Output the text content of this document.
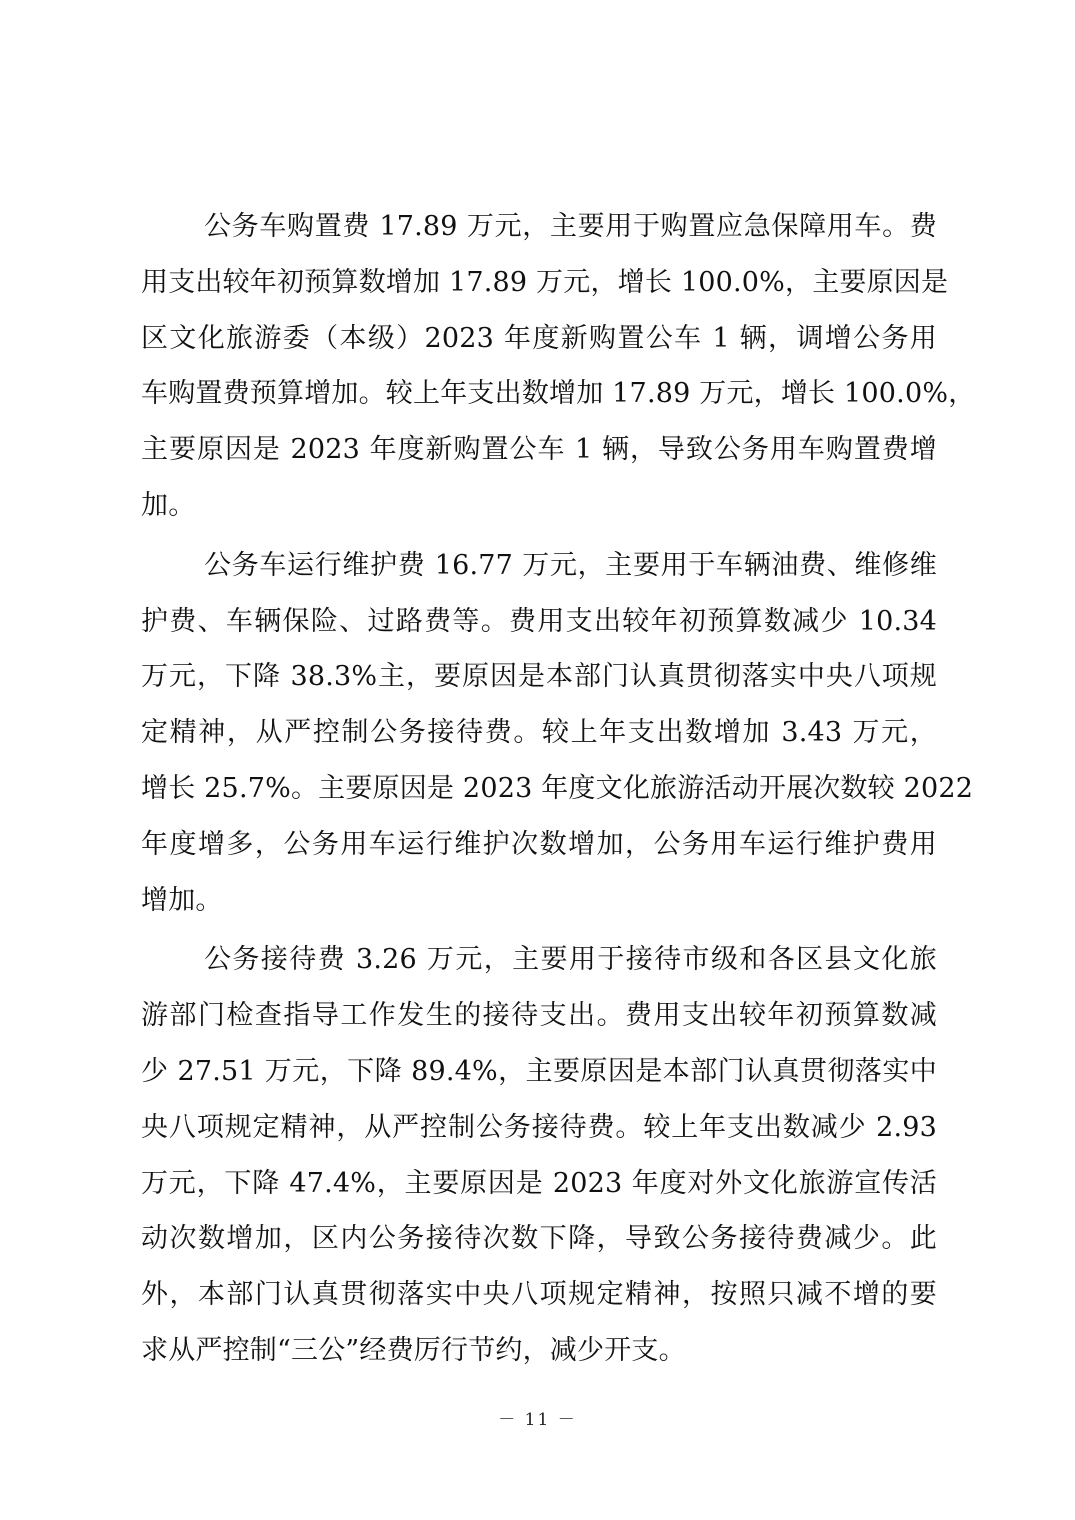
公务车购置费 17.89 万元，主要用于购置应急保障用车。费
用支出较年初预算数增加 17.89 万元，增长 100.0%，主要原因是
区文化旅游委（本级）2023 年度新购置公车 1 辆，调增公务用
车购置费预算增加。较上年支出数增加 17.89 万元，增长 100.0%，
主要原因是 2023 年度新购置公车 1 辆，导致公务用车购置费增
加。
公务车运行维护费 16.77 万元，主要用于车辆油费、维修维
护费、车辆保险、过路费等。费用支出较年初预算数减少 10.34
万元，下降 38.3%主，要原因是本部门认真贯彻落实中央八项规
定精神，从严控制公务接待费。较上年支出数增加 3.43 万元，
增长 25.7%。主要原因是 2023 年度文化旅游活动开展次数较 2022
年度增多，公务用车运行维护次数增加，公务用车运行维护费用
增加。
公务接待费 3.26 万元，主要用于接待市级和各区县文化旅
游部门检查指导工作发生的接待支出。费用支出较年初预算数减
少 27.51 万元，下降 89.4%，主要原因是本部门认真贯彻落实中
央八项规定精神，从严控制公务接待费。较上年支出数减少 2.93
万元，下降 47.4%，主要原因是 2023 年度对外文化旅游宣传活
动次数增加，区内公务接待次数下降，导致公务接待费减少。此
外，本部门认真贯彻落实中央八项规定精神，按照只减不增的要
求从严控制“三公”经费厉行节约，减少开支。
－ 11 －
